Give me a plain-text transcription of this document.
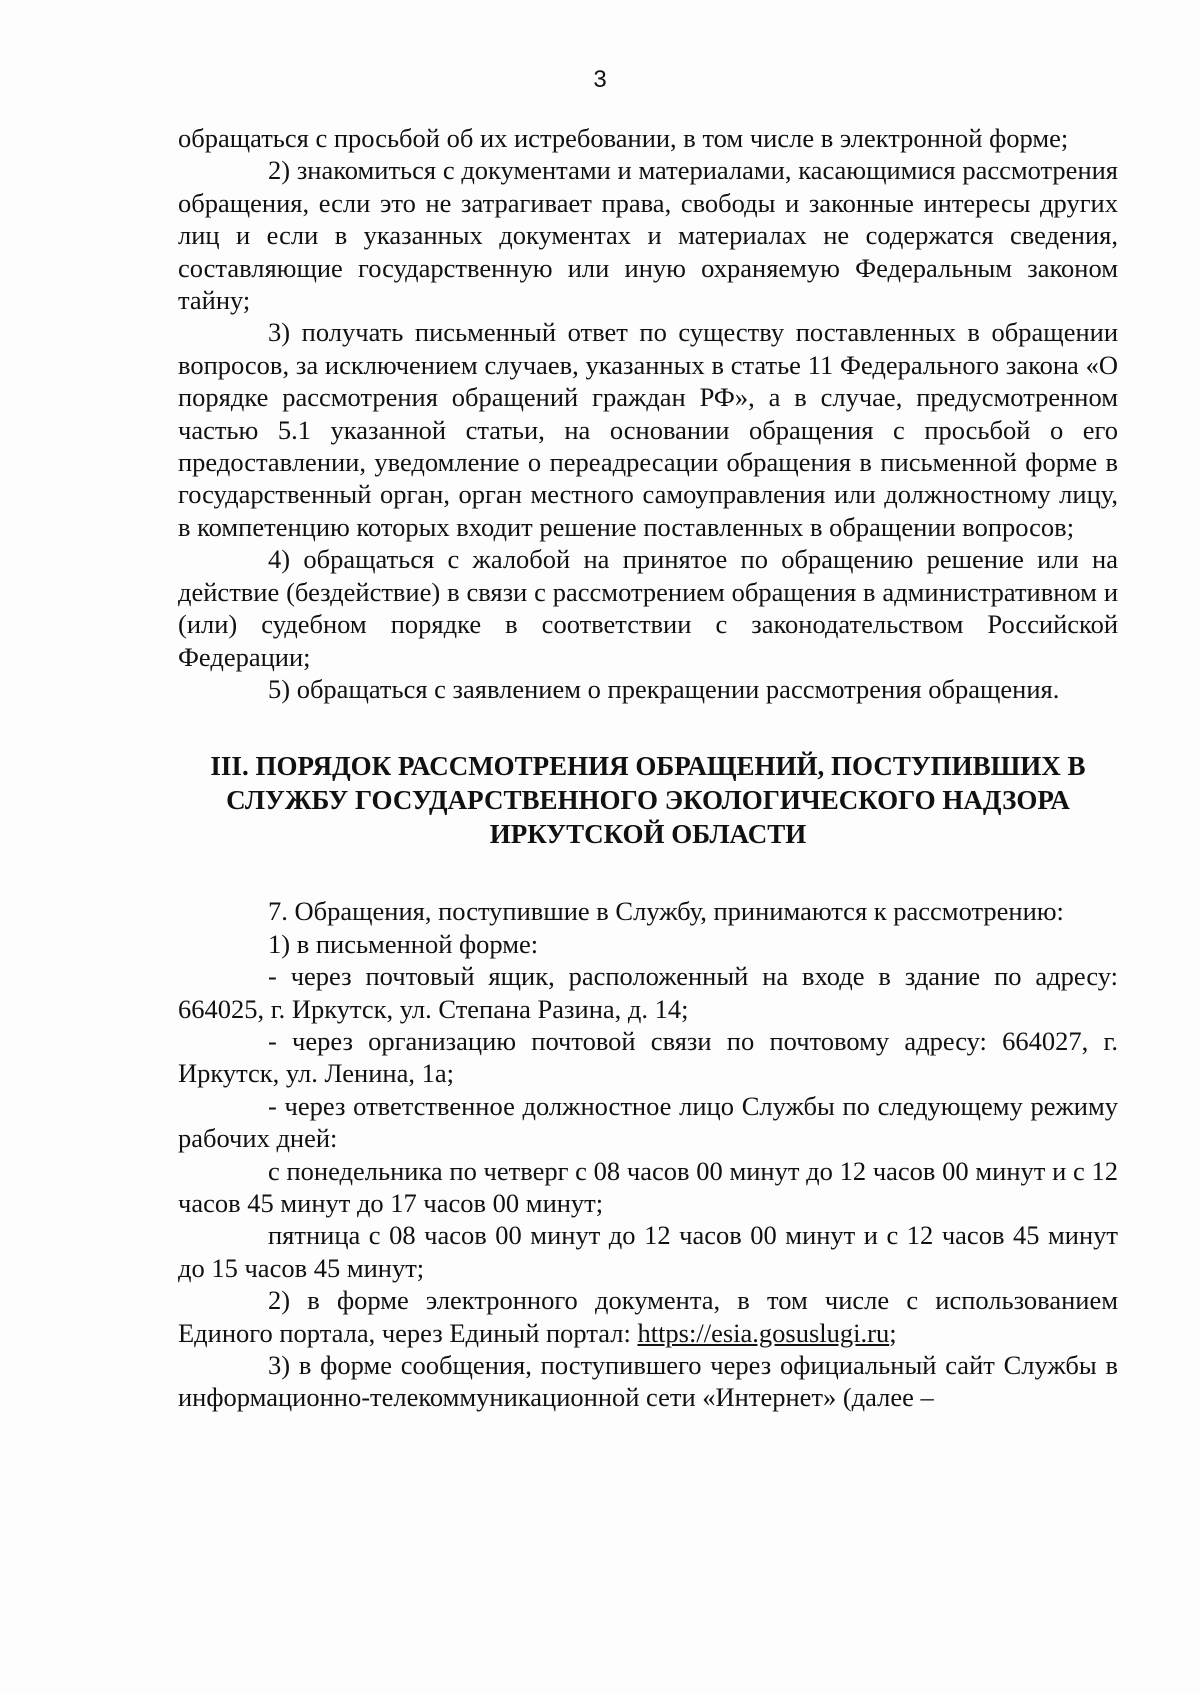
3

обращаться с просьбой об их истребовании, в том числе в электронной форме;

2) знакомиться с документами и материалами, касающимися рассмотрения обращения, если это не затрагивает права, свободы и законные интересы других лиц и если в указанных документах и материалах не содержатся сведения, составляющие государственную или иную охраняемую Федеральным законом тайну;

3) получать письменный ответ по существу поставленных в обращении вопросов, за исключением случаев, указанных в статье 11 Федерального закона «О порядке рассмотрения обращений граждан РФ», а в случае, предусмотренном частью 5.1 указанной статьи, на основании обращения с просьбой о его предоставлении, уведомление о переадресации обращения в письменной форме в государственный орган, орган местного самоуправления или должностному лицу, в компетенцию которых входит решение поставленных в обращении вопросов;

4) обращаться с жалобой на принятое по обращению решение или на действие (бездействие) в связи с рассмотрением обращения в административном и (или) судебном порядке в соответствии с законодательством Российской Федерации;

5) обращаться с заявлением о прекращении рассмотрения обращения.

III. ПОРЯДОК РАССМОТРЕНИЯ ОБРАЩЕНИЙ, ПОСТУПИВШИХ В
СЛУЖБУ ГОСУДАРСТВЕННОГО ЭКОЛОГИЧЕСКОГО НАДЗОРА
ИРКУТСКОЙ ОБЛАСТИ

7. Обращения, поступившие в Службу, принимаются к рассмотрению:

1) в письменной форме:

- через почтовый ящик, расположенный на входе в здание по адресу: 664025, г. Иркутск, ул. Степана Разина, д. 14;

- через организацию почтовой связи по почтовому адресу: 664027, г. Иркутск, ул. Ленина, 1а;

- через ответственное должностное лицо Службы по следующему режиму рабочих дней:

с понедельника по четверг с 08 часов 00 минут до 12 часов 00 минут и с 12 часов 45 минут до 17 часов 00 минут;

пятница с 08 часов 00 минут до 12 часов 00 минут и с 12 часов 45 минут до 15 часов 45 минут;

2) в форме электронного документа, в том числе с использованием Единого портала, через Единый портал: https://esia.gosuslugi.ru;

3) в форме сообщения, поступившего через официальный сайт Службы в информационно-телекоммуникационной сети «Интернет» (далее –
